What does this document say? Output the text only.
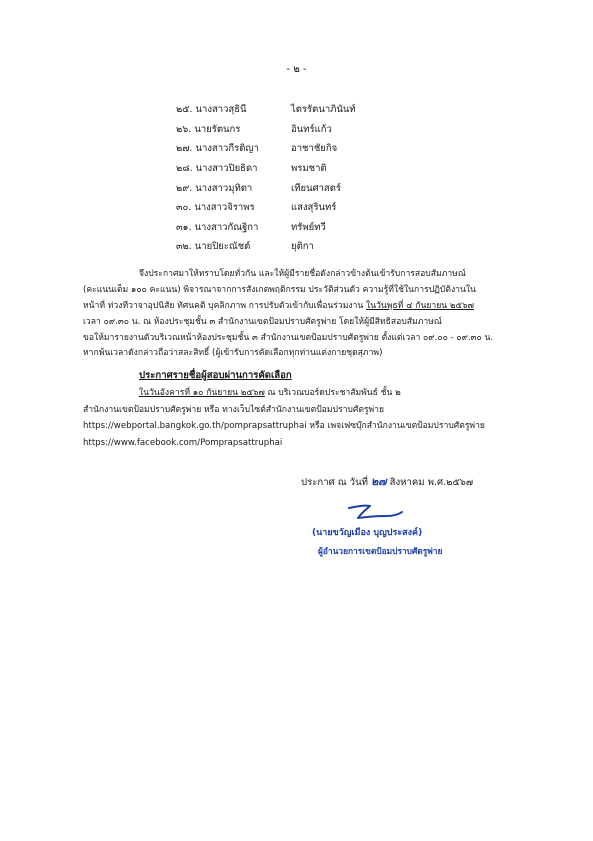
- ๒ -
๒๕. นางสาวสุธินี	ไตรรัตนาภินันท์
๒๖. นายรัตนกร	อินทร์แก้ว
๒๗. นางสาวกีรติญา	อาชาชัยกิจ
๒๘. นางสาวปิยธิดา	พรมชาติ
๒๙. นางสาวมุทิตา	เทียนศาสตร์
๓๐. นางสาวจิราพร	แสงสุรินทร์
๓๑. นางสาวกัณฐิกา	ทรัพย์ทวี
๓๒. นายปิยะณัชต์	ยุติกา
จึงประกาศมาให้ทราบโดยทั่วกัน และให้ผู้มีรายชื่อดังกล่าวข้างต้นเข้ารับการสอบสัมภาษณ์
(คะแนนเต็ม ๑๐๐ คะแนน) พิจารณาจากการสังเกตพฤติกรรม ประวัติส่วนตัว ความรู้ที่ใช้ในการปฏิบัติงานใน
หน้าที่ ท่วงทีวาจาอุปนิสัย ทัศนคติ บุคลิกภาพ การปรับตัวเข้ากับเพื่อนร่วมงาน ในวันพุธที่ ๔ กันยายน ๒๕๖๗
เวลา ๐๙.๓๐ น. ณ ห้องประชุมชั้น ๓ สำนักงานเขตป้อมปราบศัตรูพ่าย โดยให้ผู้มีสิทธิสอบสัมภาษณ์
ขอให้มารายงานตัวบริเวณหน้าห้องประชุมชั้น ๓ สำนักงานเขตป้อมปราบศัตรูพ่าย ตั้งแต่เวลา ๐๙.๐๐ - ๐๙.๓๐ น.
หากพ้นเวลาดังกล่าวถือว่าสละสิทธิ์ (ผู้เข้ารับการคัดเลือกทุกท่านแต่งกายชุดสุภาพ)
ประกาศรายชื่อผู้สอบผ่านการคัดเลือก
ในวันอังคารที่ ๑๐ กันยายน ๒๕๖๗ ณ บริเวณบอร์ดประชาสัมพันธ์ ชั้น ๒
สำนักงานเขตป้อมปราบศัตรูพ่าย หรือ ทางเว็บไซต์สำนักงานเขตป้อมปราบศัตรูพ่าย
https://webportal.bangkok.go.th/pomprapsattruphai หรือ เพจเฟซบุ๊กสำนักงานเขตป้อมปราบศัตรูพ่าย
https://www.facebook.com/Pomprapsattruphai
ประกาศ ณ วันที่ ๒๗ สิงหาคม พ.ศ.๒๕๖๗
(นายขวัญเมือง บุญประสงค์)
ผู้อำนวยการเขตป้อมปราบศัตรูพ่าย
